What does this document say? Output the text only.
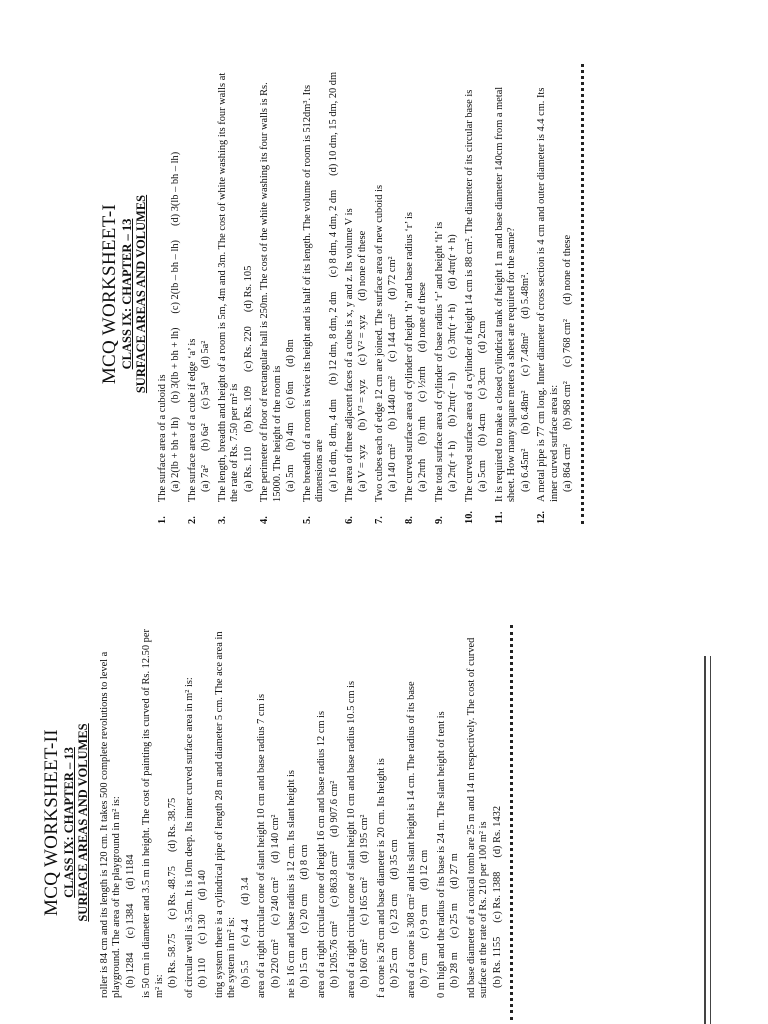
MCQ WORKSHEET-I CLASS IX: CHAPTER – 13 SURFACE AREAS AND VOLUMES
1.
The surface area of a cuboid is (a) 2(lb + bh + lh)
(b) 3(lb + bh + lh)
(c) 2(lb – bh – lh)
(d) 3(lb – bh – lh)
2.
The surface area of a cube if edge ‘a’ is (a) 7a²
(b) 6a²
(c) 5a³
(d) 5a²
3.
The length, breadth and height of a room is 5m, 4m and 3m. The cost of white washing its four walls at the rate of Rs. 7.50 per m² is (a) Rs. 110
(b) Rs. 109
(c) Rs. 220
(d) Rs. 105
4.
The perimeter of floor of rectangular hall is 250m. The cost of the white washing its four walls is Rs. 15000. The height of the room is (a) 5m
(b) 4m
(c) 6m
(d) 8m
5.
The breadth of a room is twice its height and is half of its length. The volume of room is 512dm³. Its dimensions are (a) 16 dm, 8 dm, 4 dm
(b) 12 dm, 8 dm, 2 dm
(c) 8 dm, 4 dm, 2 dm
(d) 10 dm, 15 dm, 20 dm
6.
The area of three adjacent faces of a cube is x, y and z. Its volume V is (a) V = xyz
(b) V³ = xyz
(c) V² = xyz
(d) none of these
7.
Two cubes each of edge 12 cm are joined. The surface area of new cuboid is (a) 140 cm²
(b) 1440 cm²
(c) 144 cm²
(d) 72 cm²
8.
The curved surface area of cylinder of height ‘h’ and base radius ‘r’ is (a) 2πrh
(b) πrh
(c) ½πrh
(d) none of these
9.
The total surface area of cylinder of base radius ‘r’ and height ‘h’ is (a) 2π(r + h)
(b) 2πr(r – h)
(c) 3πr(r + h)
(d) 4πr(r + h)
10.
The curved surface area of a cylinder of height 14 cm is 88 cm². The diameter of its circular base is (a) 5cm
(b) 4cm
(c) 3cm
(d) 2cm
11.
It is required to make a closed cylindrical tank of height 1 m and base diameter 140cm from a metal sheet. How many square meters a sheet are required for the same? (a) 6.45m²
(b) 6.48m²
(c) 7.48m²
(d) 5.48m².
12.
A metal pipe is 77 cm long. Inner diameter of cross section is 4 cm and outer diameter is 4.4 cm. Its inner curved surface area is: (a) 864 cm²
(b) 968 cm²
(c) 768 cm²
(d) none of these
MCQ WORKSHEET-II CLASS IX: CHAPTER – 13 SURFACE AREAS AND VOLUMES roller is 84 cm and its length is 120 cm. It takes 500 complete revolutions to level a playground. The area of the playground in m² is: (b) 1284
(c) 1384
(d) 1184 is 50 cm in diameter and 3.5 m in height. The cost of painting its curved of Rs. 12.50 per m² is: (b) Rs. 58.75
(c) Rs. 48.75
(d) Rs. 38.75 of circular well is 3.5m. It is 10m deep. Its inner curved surface area in m² is: (b) 110
(c) 130
(d) 140 ting system there is a cylindrical pipe of length 28 m and diameter 5 cm. The ace area in the system in m² is: (b) 5.5
(c) 4.4
(d) 3.4 area of a right circular cone of slant height 10 cm and base radius 7 cm is (b) 220 cm²
(c) 240 cm²
(d) 140 cm² ne is 16 cm and base radius is 12 cm. Its slant height is (b) 15 cm
(c) 20 cm
(d) 8 cm area of a right circular cone of height 16 cm and base radius 12 cm is (b) 1205.76 cm²
(c) 863.8 cm²
(d) 907.6 cm² area of a right circular cone of slant height 10 cm and base radius 10.5 cm is (b) 160 cm²
(c) 165 cm²
(d) 195 cm² f a cone is 26 cm and base diameter is 20 cm. Its height is (b) 25 cm
(c) 23 cm
(d) 35 cm area of a cone is 308 cm² and its slant height is 14 cm. The radius of its base (b) 7 cm
(c) 9 cm
(d) 12 cm 0 m high and the radius of its base is 24 m. The slant height of tent is (b) 28 m
(c) 25 m
(d) 27 m nd base diameter of a conical tomb are 25 m and 14 m respectively. The cost of curved surface at the rate of Rs. 210 per 100 m² is (b) Rs. 1155
(c) Rs. 1388
(d) Rs. 1432
